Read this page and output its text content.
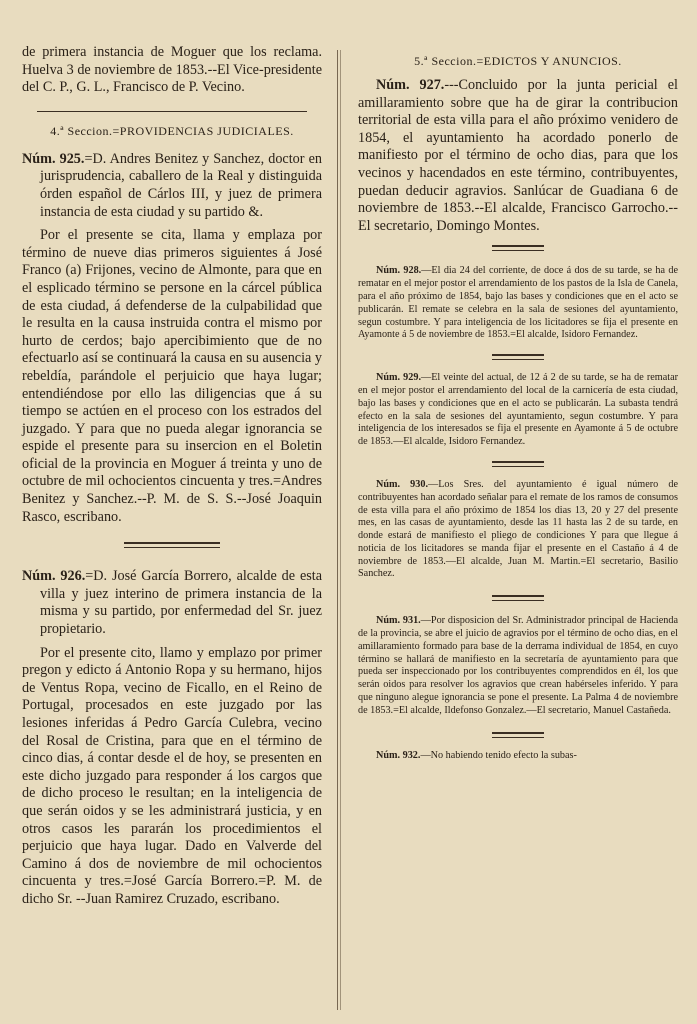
de primera instancia de Moguer que los reclama. Huelva 3 de noviembre de 1853.--El Vice-presidente del C. P., G. L., Francisco de P. Vecino.

4.ª Seccion.=PROVIDENCIAS JUDICIALES.

Núm. 925.=D. Andres Benitez y Sanchez, doctor en jurisprudencia, caballero de la Real y distinguida órden español de Cárlos III, y juez de primera instancia de esta ciudad y su partido &.

Por el presente se cita, llama y emplaza por término de nueve dias primeros siguientes á José Franco (a) Frijones, vecino de Almonte, para que en el esplicado término se persone en la cárcel pública de esta ciudad, á defenderse de la culpabilidad que le resulta en la causa instruida contra el mismo por hurto de cerdos; bajo apercibimiento que de no efectuarlo así se continuará la causa en su ausencia y rebeldía, parándole el perjuicio que haya lugar; entendiéndose por ello las diligencias que á su tiempo se actúen en el proceso con los estrados del juzgado. Y para que no pueda alegar ignorancia se espide el presente para su insercion en el Boletin oficial de la provincia en Moguer á treinta y uno de octubre de mil ochocientos cincuenta y tres.=Andres Benitez y Sanchez.--P. M. de S. S.--José Joaquin Rasco, escribano.

Núm. 926.=D. José García Borrero, alcalde de esta villa y juez interino de primera instancia de la misma y su partido, por enfermedad del Sr. juez propietario.

Por el presente cito, llamo y emplazo por primer pregon y edicto á Antonio Ropa y su hermano, hijos de Ventus Ropa, vecino de Ficallo, en el Reino de Portugal, procesados en este juzgado por las lesiones inferidas á Pedro García Culebra, vecino del Rosal de Cristina, para que en el término de cinco dias, á contar desde el de hoy, se presenten en este dicho juzgado para responder á los cargos que de dicho proceso le resultan; en la inteligencia de que serán oidos y se les administrará justicia, y en otros casos les pararán los procedimientos el perjuicio que haya lugar. Dado en Valverde del Camino á dos de noviembre de mil ochocientos cincuenta y tres.=José García Borrero.=P. M. de dicho Sr. --Juan Ramirez Cruzado, escribano.

5.ª Seccion.=EDICTOS Y ANUNCIOS.

Núm. 927.---Concluido por la junta pericial el amillaramiento sobre que ha de girar la contribucion territorial de esta villa para el año próximo venidero de 1854, el ayuntamiento ha acordado ponerlo de manifiesto por el término de ocho dias, para que los vecinos y hacendados en este término, contribuyentes, puedan deducir agravios. Sanlúcar de Guadiana 6 de noviembre de 1853.--El alcalde, Francisco Garrocho.--El secretario, Domingo Montes.

Núm. 928.—El dia 24 del corriente, de doce á dos de su tarde, se ha de rematar en el mejor postor el arrendamiento de los pastos de la Isla de Canela, para el año próximo de 1854, bajo las bases y condiciones que en el acto se publicarán. El remate se celebra en la sala de sesiones del ayuntamiento, segun costumbre. Y para inteligencia de los licitadores se fija el presente en Ayamonte á 5 de noviembre de 1853.=El alcalde, Isidoro Fernandez.

Núm. 929.—El veinte del actual, de 12 á 2 de su tarde, se ha de rematar en el mejor postor el arrendamiento del local de la carnicería de esta ciudad, bajo las bases y condiciones que en el acto se publicarán. La subasta tendrá efecto en la sala de sesiones del ayuntamiento, segun costumbre. Y para inteligencia de los interesados se fija el presente en Ayamonte á 5 de octubre de 1853.—El alcalde, Isidoro Fernandez.

Núm. 930.—Los Sres. del ayuntamiento é igual número de contribuyentes han acordado señalar para el remate de los ramos de consumos de esta villa para el año próximo de 1854 los dias 13, 20 y 27 del presente mes, en las casas de ayuntamiento, desde las 11 hasta las 2 de su tarde, en donde estará de manifiesto el pliego de condiciones Y para que llegue á noticia de los licitadores se manda fijar el presente en el Castaño á 4 de noviembre de 1853.—El alcalde, Juan M. Martin.=El secretario, Basilio Sanchez.

Núm. 931.—Por disposicion del Sr. Administrador principal de Hacienda de la provincia, se abre el juicio de agravios por el término de ocho dias, en el amillaramiento formado para base de la derrama individual de 1854, en cuyo término se hallará de manifiesto en la secretaría de ayuntamiento para que pueda ser inspeccionado por los contribuyentes comprendidos en él, los que serán oidos para resolver los agravios que crean habérseles inferido. Y para que ninguno alegue ignorancia se pone el presente. La Palma 4 de noviembre de 1853.=El alcalde, Ildefonso Gonzalez.—El secretario, Manuel Castañeda.

Núm. 932.—No habiendo tenido efecto la subas-
